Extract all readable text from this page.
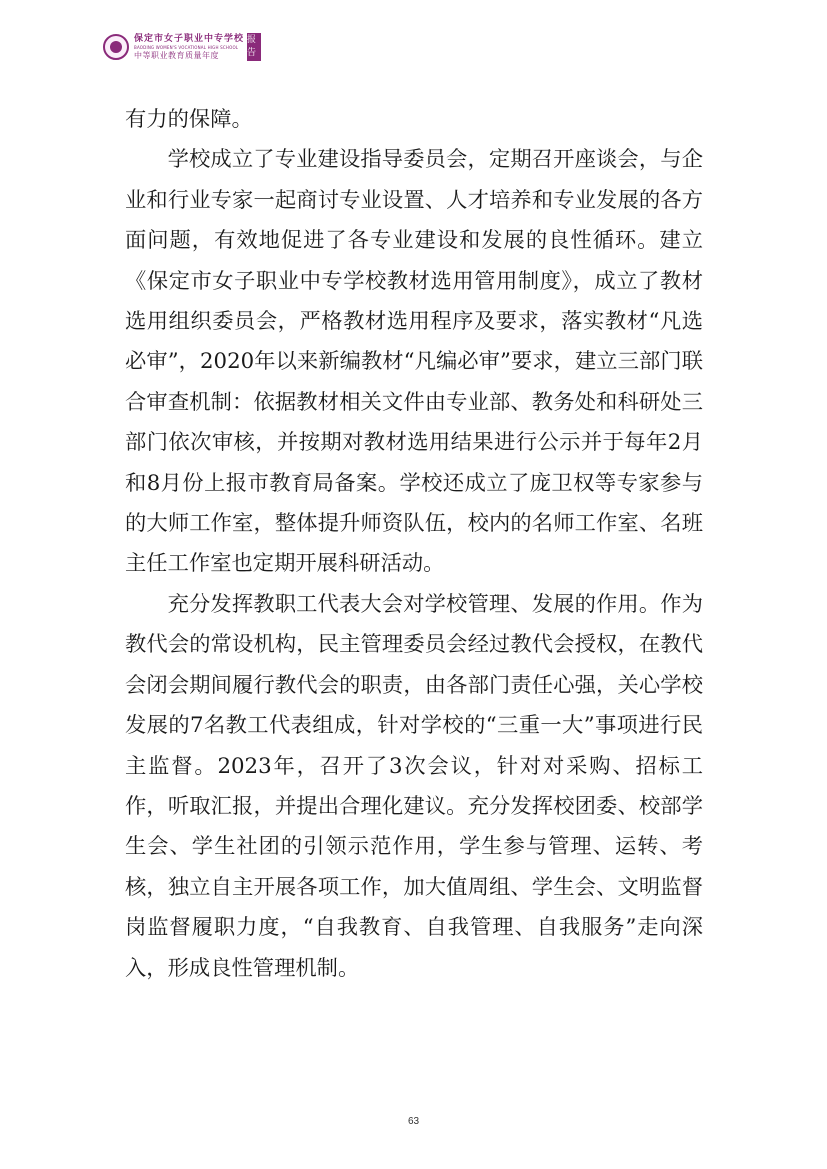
保定市女子职业中专学校
BAODING WOMEN'S VOCATIONAL HIGH SCHOOL
中等职业教育质量年度
报告

有力的保障。

学校成立了专业建设指导委员会，定期召开座谈会，与企业和行业专家一起商讨专业设置、人才培养和专业发展的各方面问题，有效地促进了各专业建设和发展的良性循环。建立《保定市女子职业中专学校教材选用管用制度》，成立了教材选用组织委员会，严格教材选用程序及要求，落实教材“凡选必审”，2020年以来新编教材“凡编必审”要求，建立三部门联合审查机制：依据教材相关文件由专业部、教务处和科研处三部门依次审核，并按期对教材选用结果进行公示并于每年2月和8月份上报市教育局备案。学校还成立了庞卫权等专家参与的大师工作室，整体提升师资队伍，校内的名师工作室、名班主任工作室也定期开展科研活动。

充分发挥教职工代表大会对学校管理、发展的作用。作为教代会的常设机构，民主管理委员会经过教代会授权，在教代会闭会期间履行教代会的职责，由各部门责任心强，关心学校发展的7名教工代表组成，针对学校的“三重一大”事项进行民主监督。2023年，召开了3次会议，针对对采购、招标工作，听取汇报，并提出合理化建议。充分发挥校团委、校部学生会、学生社团的引领示范作用，学生参与管理、运转、考核，独立自主开展各项工作，加大值周组、学生会、文明监督岗监督履职力度，“自我教育、自我管理、自我服务”走向深入，形成良性管理机制。

63
